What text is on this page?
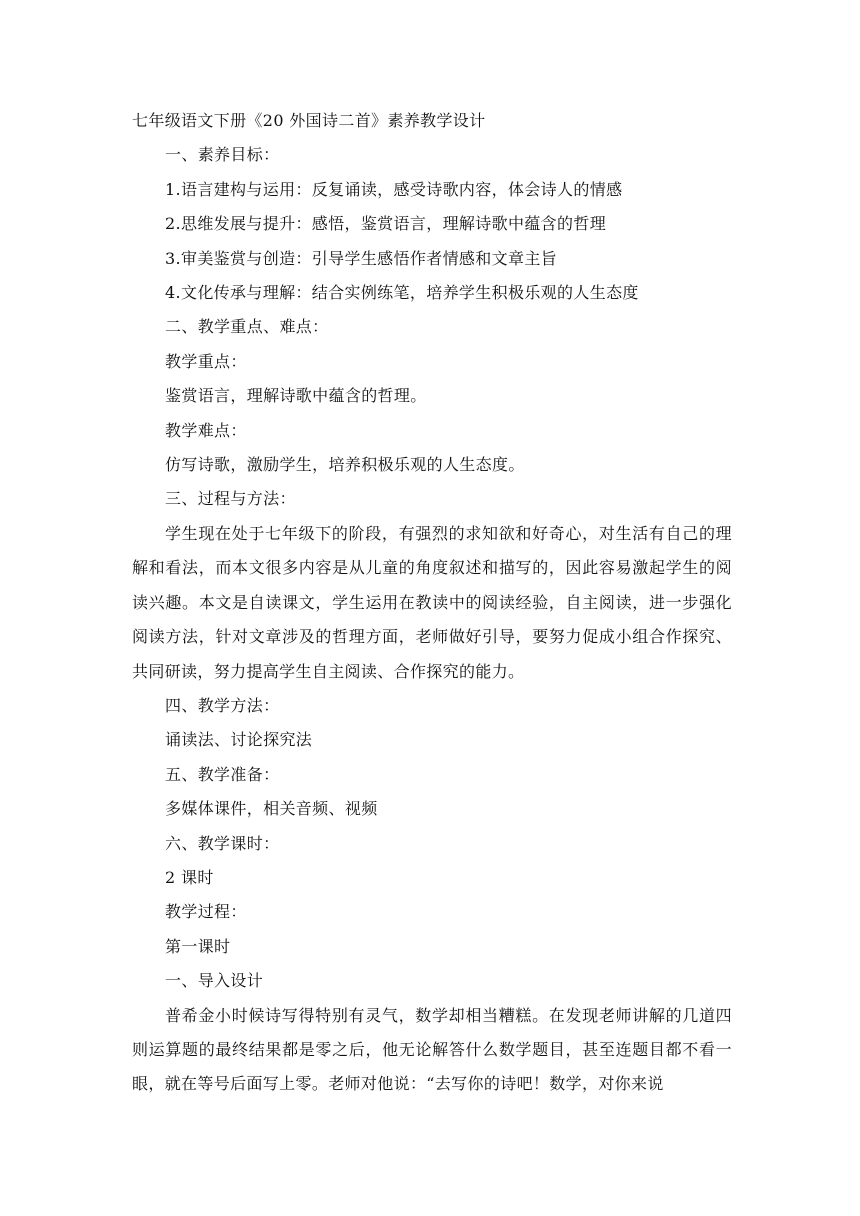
七年级语文下册《20 外国诗二首》素养教学设计
一、素养目标：
1.语言建构与运用：反复诵读，感受诗歌内容，体会诗人的情感
2.思维发展与提升：感悟，鉴赏语言，理解诗歌中蕴含的哲理
3.审美鉴赏与创造：引导学生感悟作者情感和文章主旨
4.文化传承与理解：结合实例练笔，培养学生积极乐观的人生态度
二、教学重点、难点：
教学重点：
鉴赏语言，理解诗歌中蕴含的哲理。
教学难点：
仿写诗歌，激励学生，培养积极乐观的人生态度。
三、过程与方法：
学生现在处于七年级下的阶段，有强烈的求知欲和好奇心，对生活有自己的理解和看法，而本文很多内容是从儿童的角度叙述和描写的，因此容易激起学生的阅读兴趣。本文是自读课文，学生运用在教读中的阅读经验，自主阅读，进一步强化阅读方法，针对文章涉及的哲理方面，老师做好引导，要努力促成小组合作探究、共同研读，努力提高学生自主阅读、合作探究的能力。
四、教学方法：
诵读法、讨论探究法
五、教学准备：
多媒体课件，相关音频、视频
六、教学课时：
2 课时
教学过程：
第一课时
一、导入设计
普希金小时候诗写得特别有灵气，数学却相当糟糕。在发现老师讲解的几道四则运算题的最终结果都是零之后，他无论解答什么数学题目，甚至连题目都不看一眼，就在等号后面写上零。老师对他说：“去写你的诗吧！数学，对你来说
